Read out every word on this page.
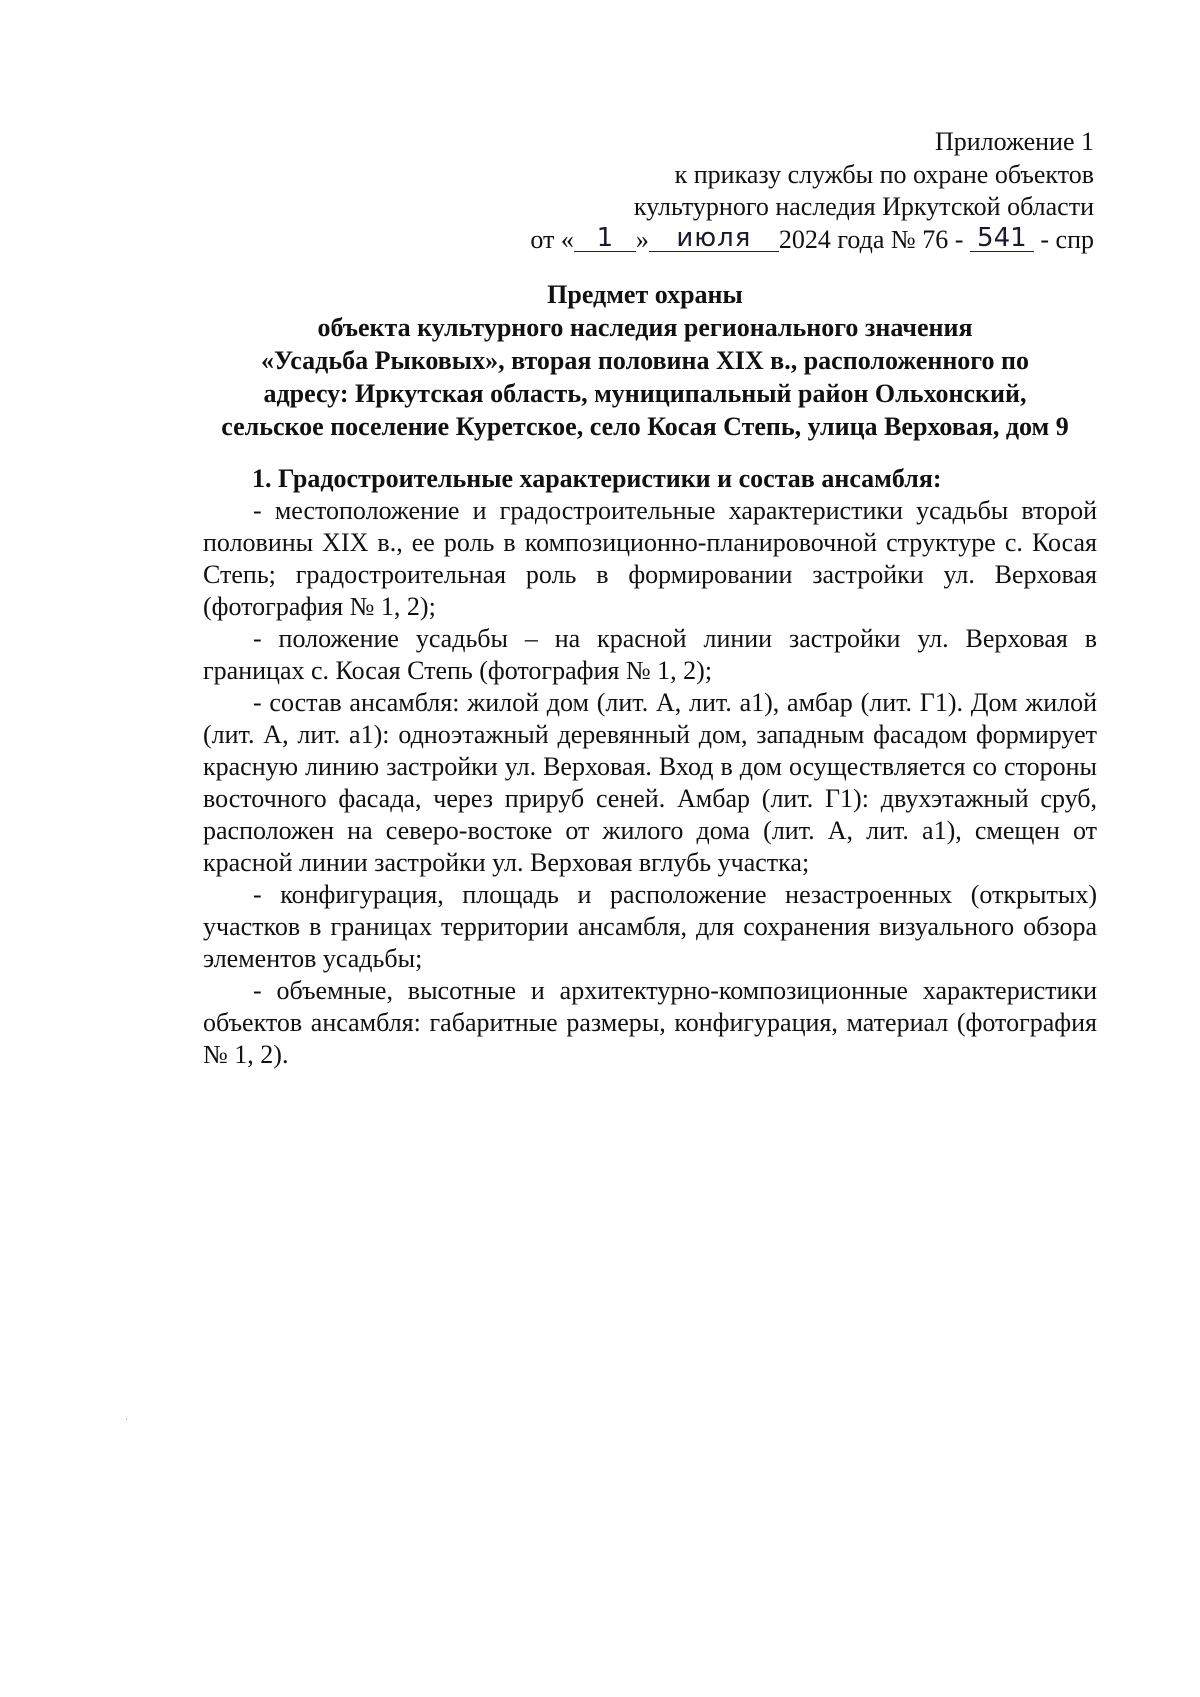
Приложение 1
к приказу службы по охране объектов
культурного наследия Иркутской области
от « 1 » июля 2024 года № 76 - 541 - спр
Предмет охраны
объекта культурного наследия регионального значения
«Усадьба Рыковых», вторая половина XIX в., расположенного по
адресу: Иркутская область, муниципальный район Ольхонский,
сельское поселение Куретское, село Косая Степь, улица Верховая, дом 9
1. Градостроительные характеристики и состав ансамбля:

- местоположение и градостроительные характеристики усадьбы второй половины XIX в., ее роль в композиционно-планировочной структуре с. Косая Степь; градостроительная роль в формировании застройки ул. Верховая (фотография № 1, 2);

- положение усадьбы – на красной линии застройки ул. Верховая в границах с. Косая Степь (фотография № 1, 2);

- состав ансамбля: жилой дом (лит. А, лит. а1), амбар (лит. Г1). Дом жилой (лит. А, лит. а1): одноэтажный деревянный дом, западным фасадом формирует красную линию застройки ул. Верховая. Вход в дом осуществляется со стороны восточного фасада, через прируб сеней. Амбар (лит. Г1): двухэтажный сруб, расположен на северо-востоке от жилого дома (лит. А, лит. а1), смещен от красной линии застройки ул. Верховая вглубь участка;

- конфигурация, площадь и расположение незастроенных (открытых) участков в границах территории ансамбля, для сохранения визуального обзора элементов усадьбы;

- объемные, высотные и архитектурно-композиционные характеристики объектов ансамбля: габаритные размеры, конфигурация, материал (фотография № 1, 2).
